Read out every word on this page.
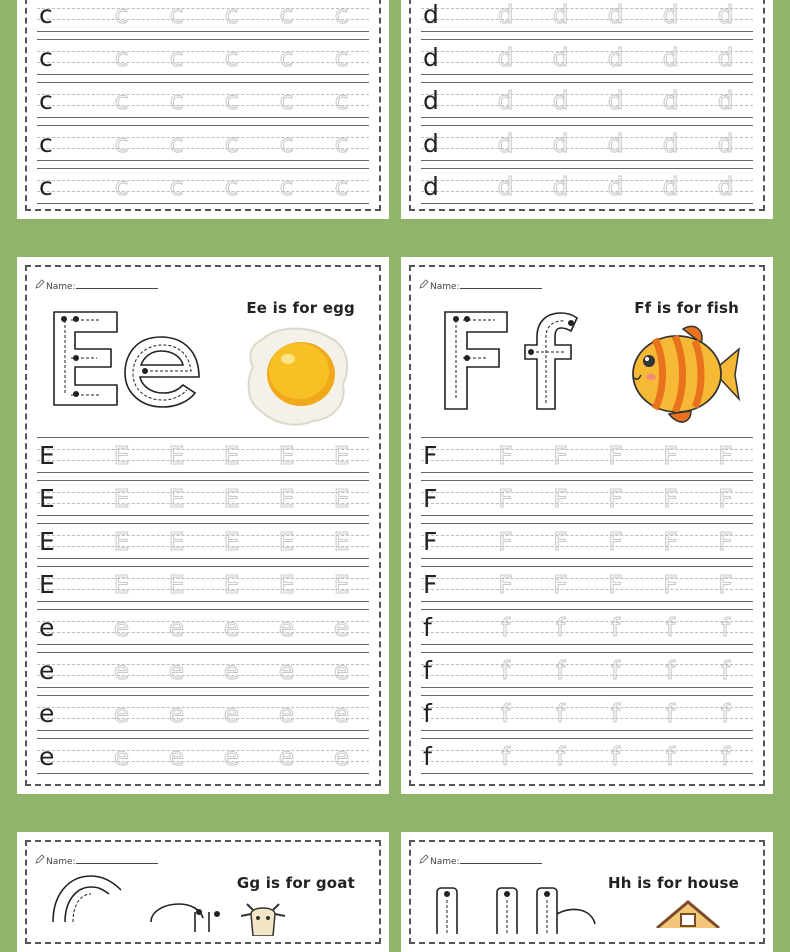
c	c	c	c	c	c
c	c	c	c	c	c
c	c	c	c	c	c
c	c	c	c	c	c
c	c	c	c	c	c
d	d	d	d	d	d
d	d	d	d	d	d
d	d	d	d	d	d
d	d	d	d	d	d
d	d	d	d	d	d
Name:
Ee is for egg
E	E	E	E	E	E
E	E	E	E	E	E
E	E	E	E	E	E
E	E	E	E	E	E
e	e	e	e	e	e
e	e	e	e	e	e
e	e	e	e	e	e
e	e	e	e	e	e
Name:
Ff is for fish
F	F	F	F	F	F
F	F	F	F	F	F
F	F	F	F	F	F
F	F	F	F	F	F
f	f	f	f	f	f
f	f	f	f	f	f
f	f	f	f	f	f
f	f	f	f	f	f
Name:
Gg is for goat
Name:
Hh is for house
